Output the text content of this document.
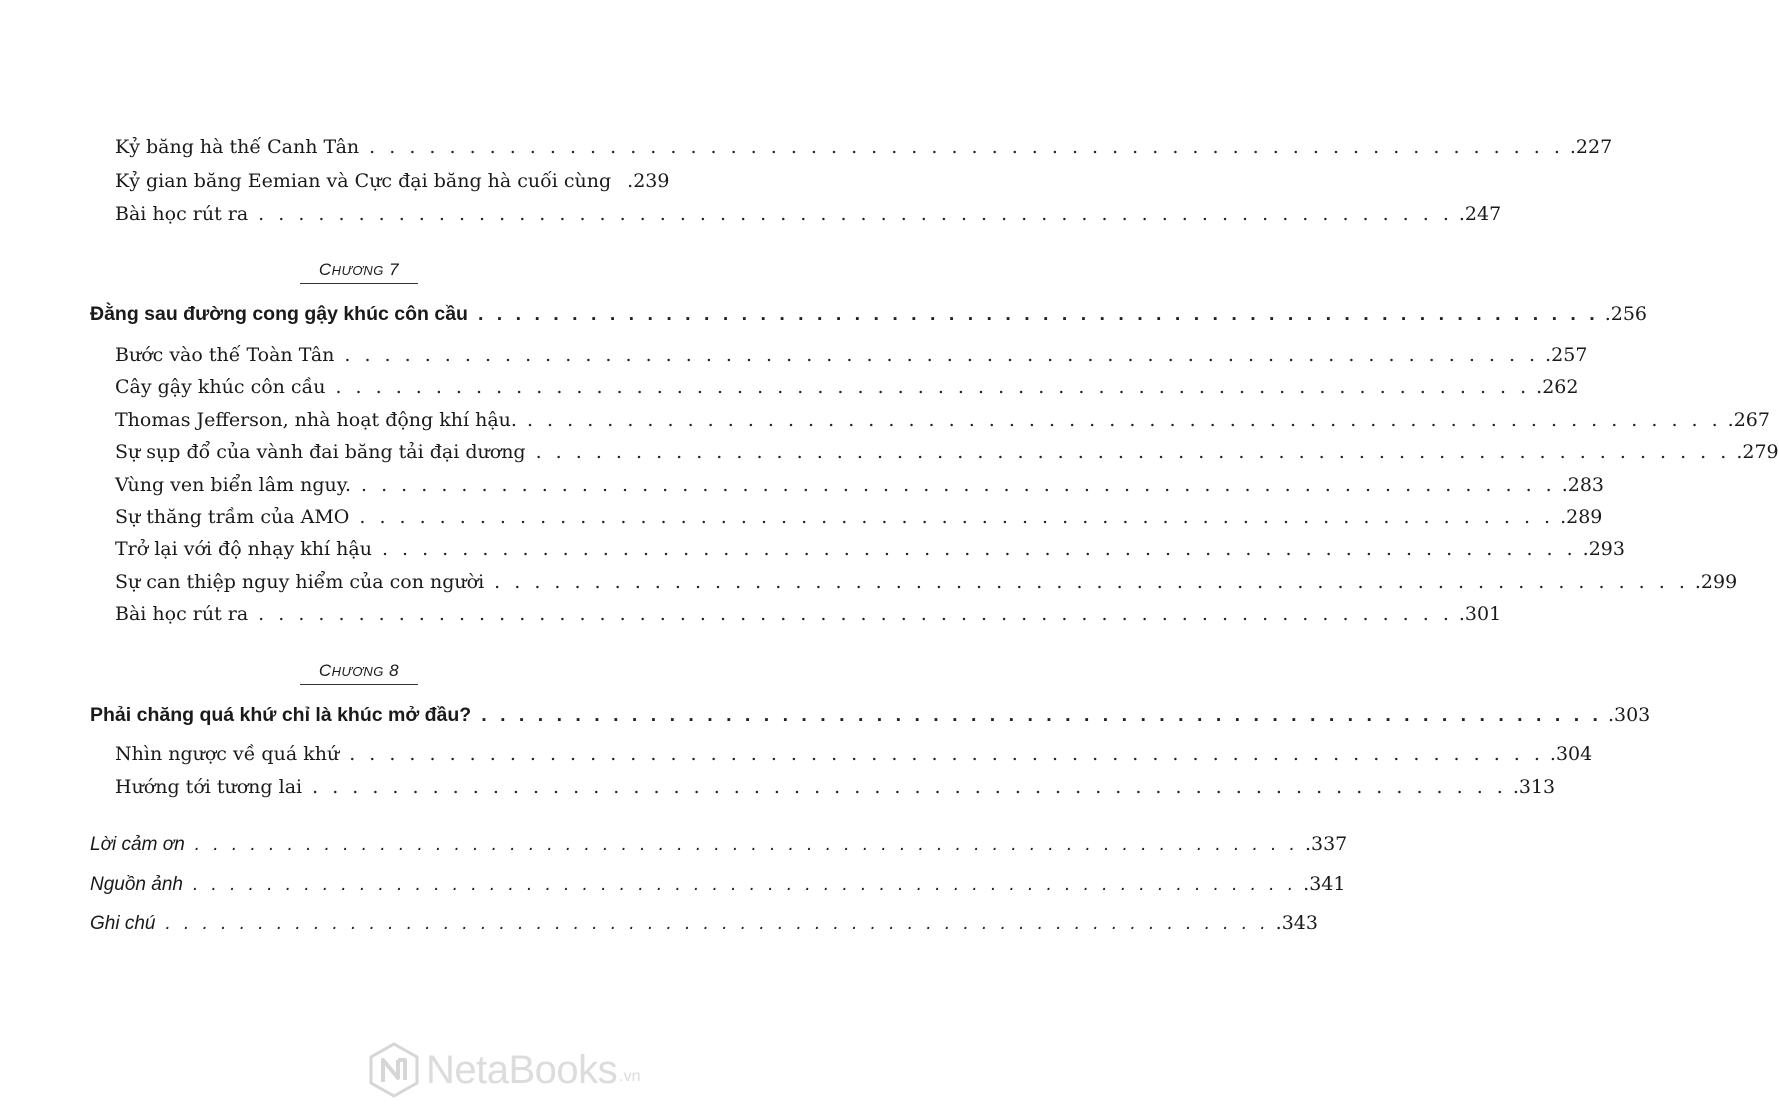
Kỷ băng hà thế Canh Tân . . .	.227
Kỷ gian băng Eemian và Cực đại băng hà cuối cùng .239
Bài học rút ra . . .	.247
CHƯƠNG 7
Đằng sau đường cong gậy khúc côn cầu . . .	.256
Bước vào thế Toàn Tân . . .	.257
Cây gậy khúc côn cầu . . .	.262
Thomas Jefferson, nhà hoạt động khí hậu. . . .	.267
Sự sụp đổ của vành đai băng tải đại dương . . .	.279
Vùng ven biển lâm nguy. . . .	.283
Sự thăng trầm của AMO . . .	.289
Trở lại với độ nhạy khí hậu . . .	.293
Sự can thiệp nguy hiểm của con người . . .	.299
Bài học rút ra . . .	.301
CHƯƠNG 8
Phải chăng quá khứ chỉ là khúc mở đầu? . . .	.303
Nhìn ngược về quá khứ . . .	.304
Hướng tới tương lai . . .	.313
Lời cảm ơn . . .	.337
Nguồn ảnh . . .	.341
Ghi chú . . .	.343
NetaBooks .vn
